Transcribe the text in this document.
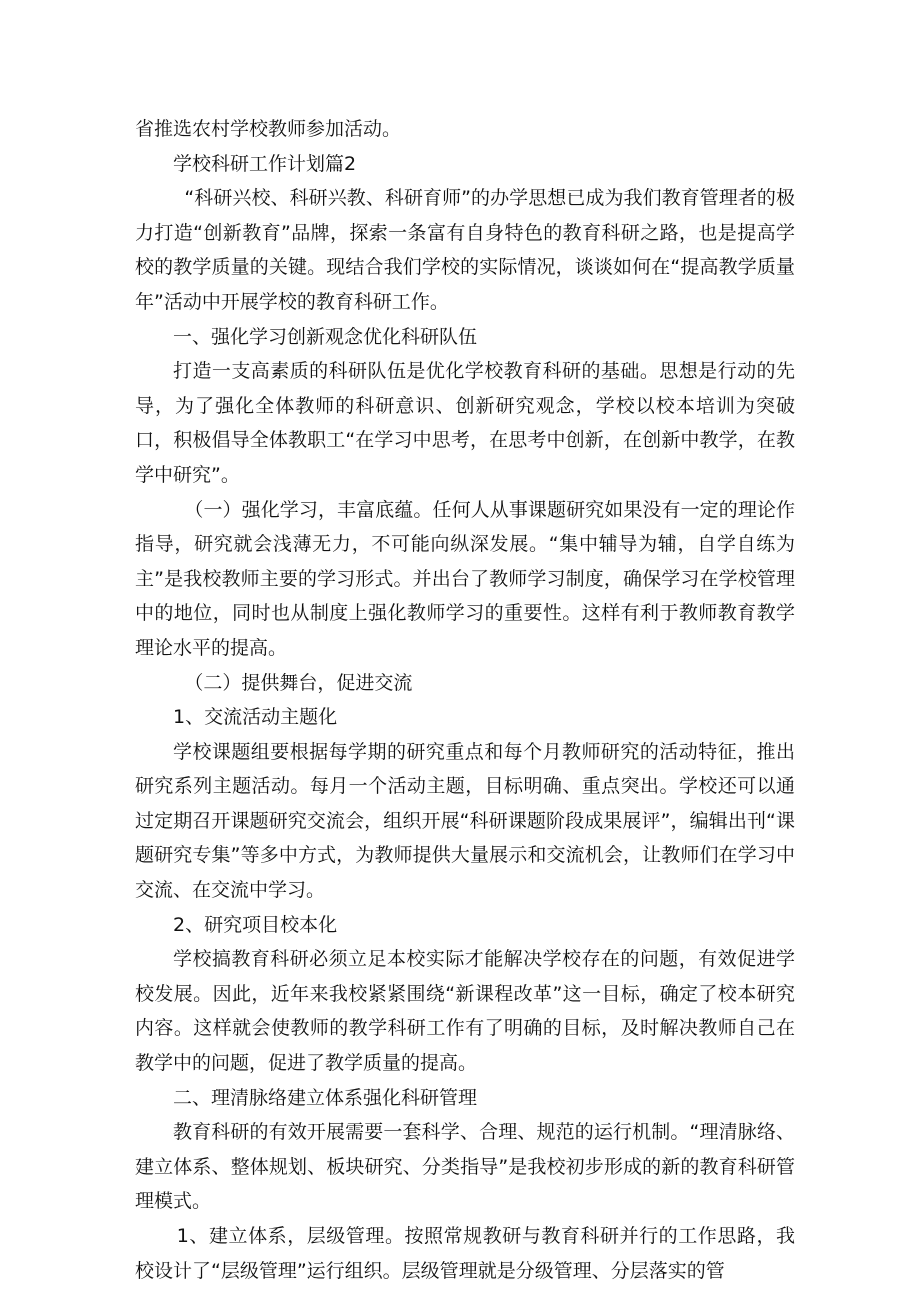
省推选农村学校教师参加活动。

学校科研工作计划篇2

“科研兴校、科研兴教、科研育师”的办学思想已成为我们教育管理者的极力打造“创新教育”品牌，探索一条富有自身特色的教育科研之路，也是提高学校的教学质量的关键。现结合我们学校的实际情况，谈谈如何在“提高教学质量年”活动中开展学校的教育科研工作。

一、强化学习创新观念优化科研队伍

打造一支高素质的科研队伍是优化学校教育科研的基础。思想是行动的先导，为了强化全体教师的科研意识、创新研究观念，学校以校本培训为突破口，积极倡导全体教职工“在学习中思考，在思考中创新，在创新中教学，在教学中研究”。

（一）强化学习，丰富底蕴。任何人从事课题研究如果没有一定的理论作指导，研究就会浅薄无力，不可能向纵深发展。“集中辅导为辅，自学自练为主”是我校教师主要的学习形式。并出台了教师学习制度，确保学习在学校管理中的地位，同时也从制度上强化教师学习的重要性。这样有利于教师教育教学理论水平的提高。

（二）提供舞台，促进交流

1、交流活动主题化

学校课题组要根据每学期的研究重点和每个月教师研究的活动特征，推出研究系列主题活动。每月一个活动主题，目标明确、重点突出。学校还可以通过定期召开课题研究交流会，组织开展“科研课题阶段成果展评”，编辑出刊“课题研究专集”等多中方式，为教师提供大量展示和交流机会，让教师们在学习中交流、在交流中学习。

2、研究项目校本化

学校搞教育科研必须立足本校实际才能解决学校存在的问题，有效促进学校发展。因此，近年来我校紧紧围绕“新课程改革”这一目标，确定了校本研究内容。这样就会使教师的教学科研工作有了明确的目标，及时解决教师自己在教学中的问题，促进了教学质量的提高。

二、理清脉络建立体系强化科研管理

教育科研的有效开展需要一套科学、合理、规范的运行机制。“理清脉络、建立体系、整体规划、板块研究、分类指导”是我校初步形成的新的教育科研管理模式。

1、建立体系，层级管理。按照常规教研与教育科研并行的工作思路，我校设计了“层级管理”运行组织。层级管理就是分级管理、分层落实的管
